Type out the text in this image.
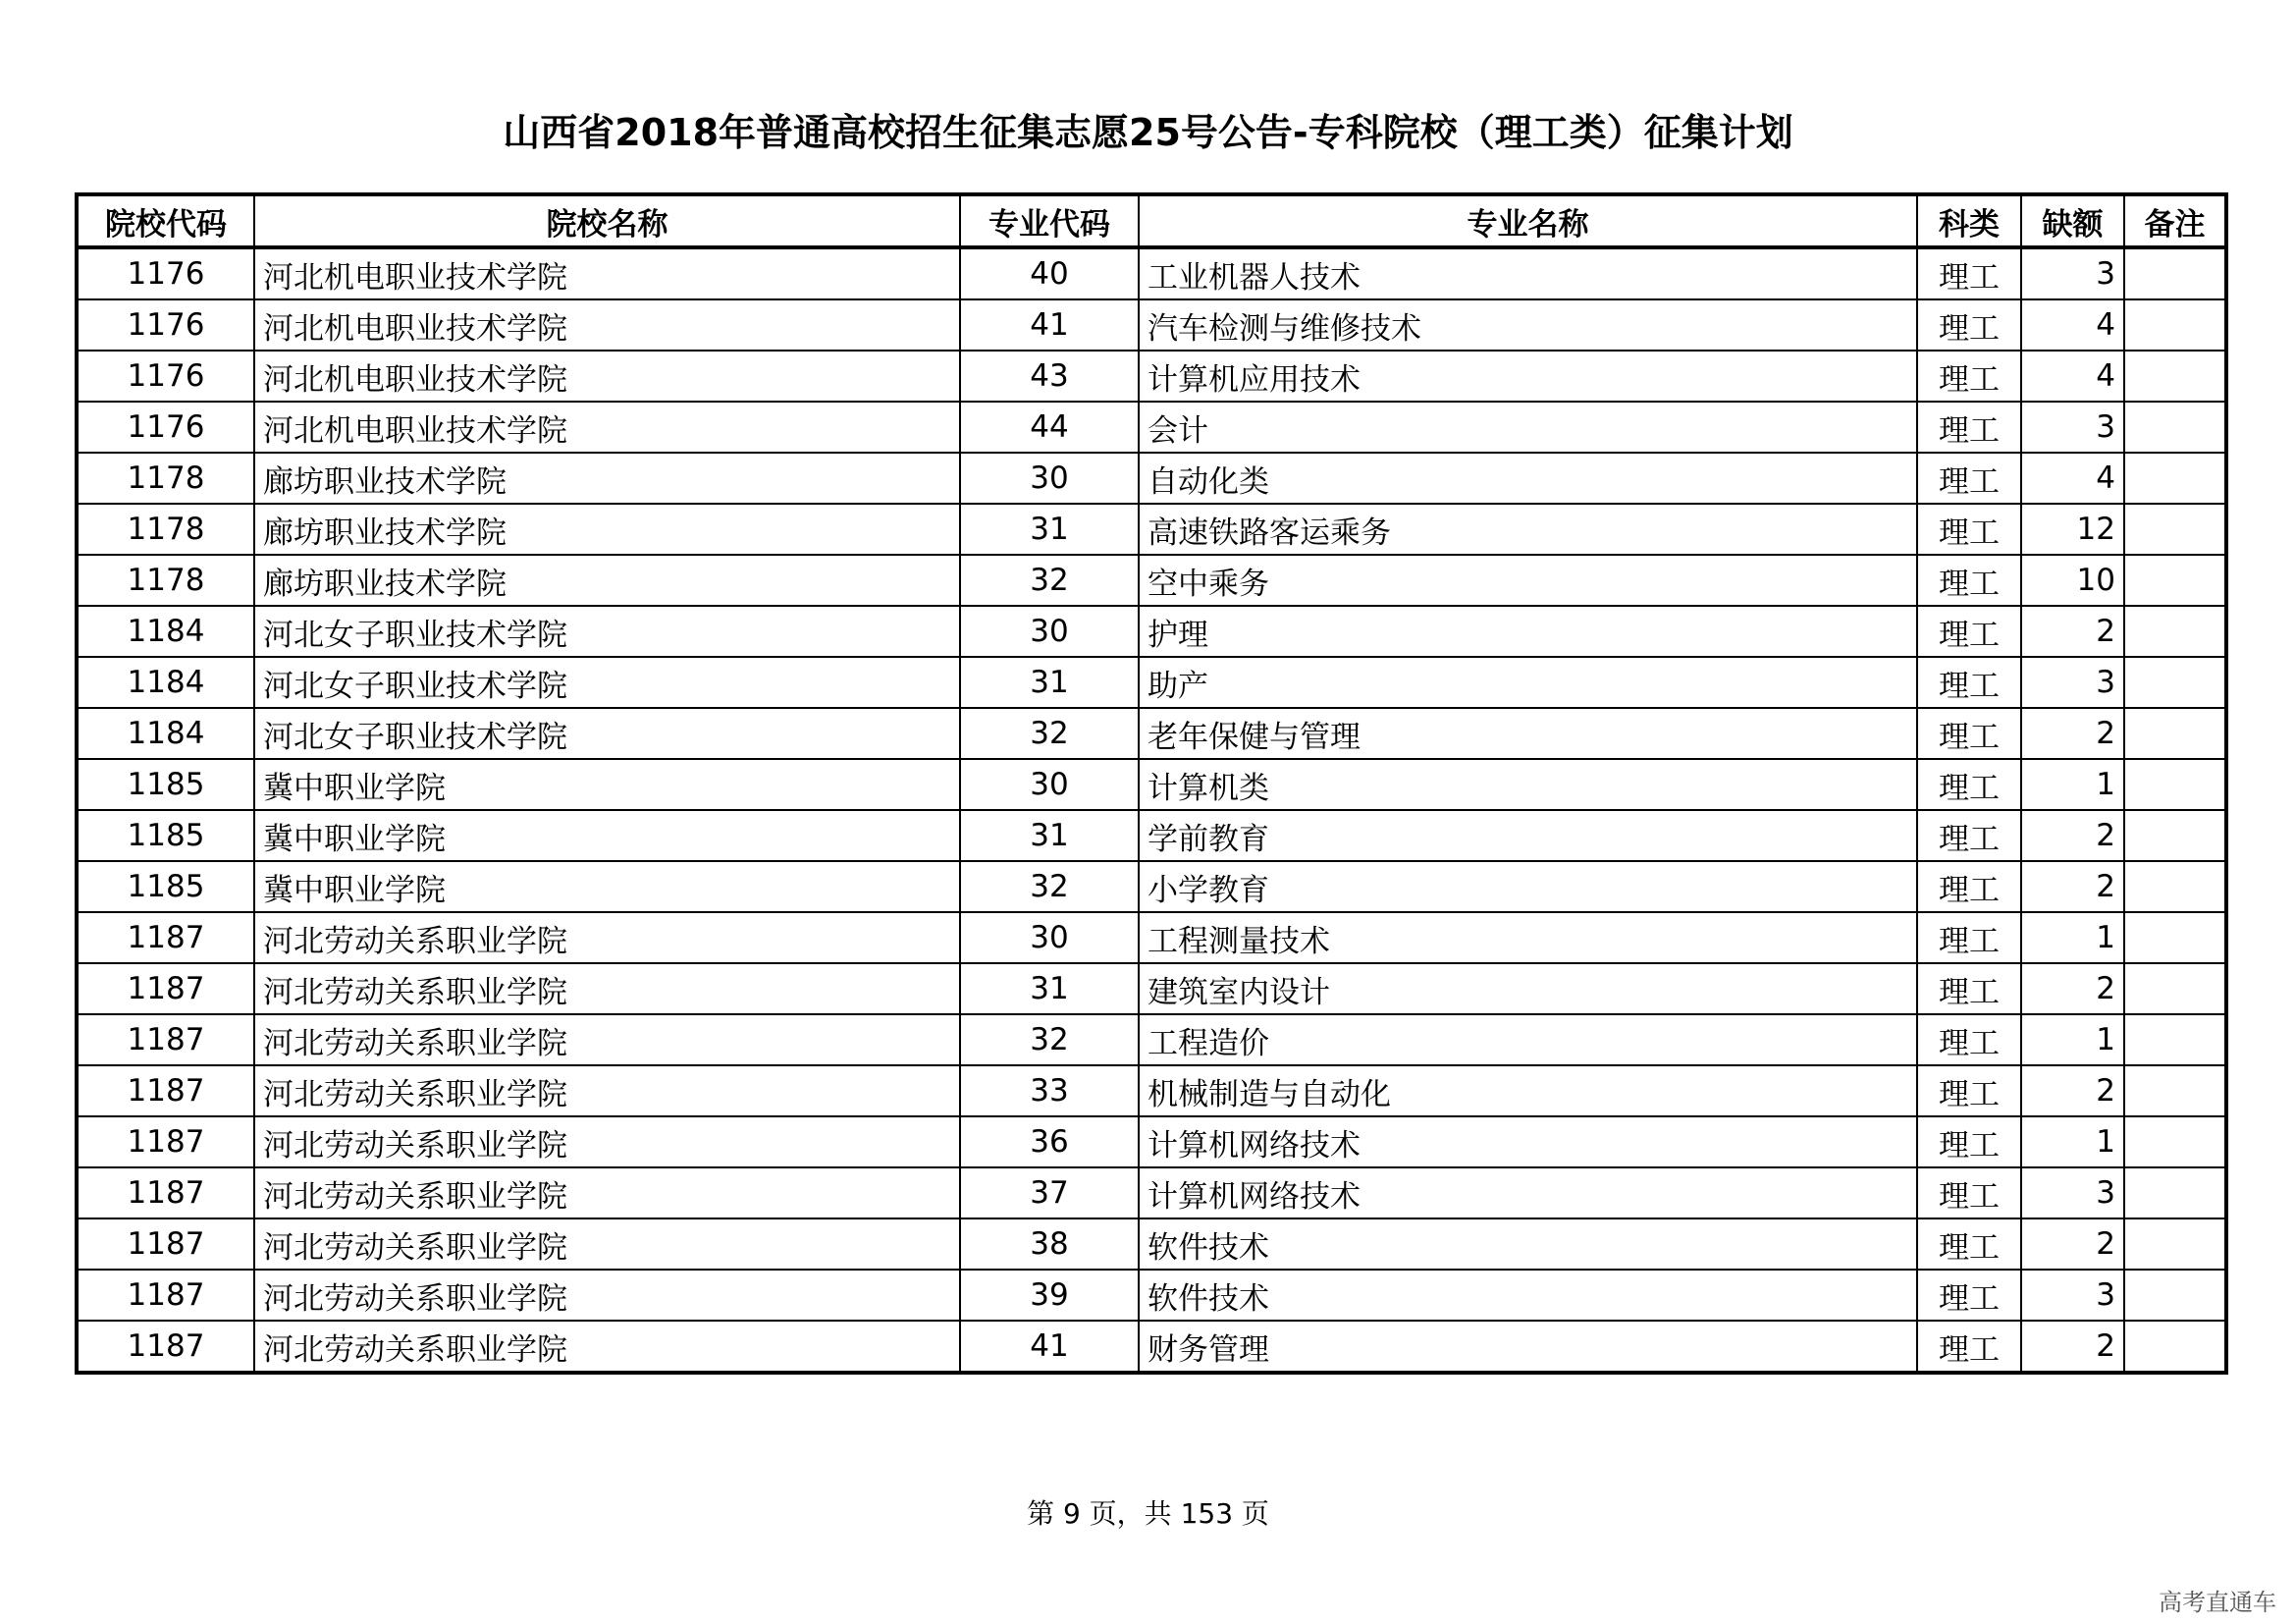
山西省2018年普通高校招生征集志愿25号公告-专科院校（理工类）征集计划
院校代码	院校名称	专业代码	专业名称	科类	缺额	备注
1176	河北机电职业技术学院	40	工业机器人技术	理工	3	
1176	河北机电职业技术学院	41	汽车检测与维修技术	理工	4	
1176	河北机电职业技术学院	43	计算机应用技术	理工	4	
1176	河北机电职业技术学院	44	会计	理工	3	
1178	廊坊职业技术学院	30	自动化类	理工	4	
1178	廊坊职业技术学院	31	高速铁路客运乘务	理工	12	
1178	廊坊职业技术学院	32	空中乘务	理工	10	
1184	河北女子职业技术学院	30	护理	理工	2	
1184	河北女子职业技术学院	31	助产	理工	3	
1184	河北女子职业技术学院	32	老年保健与管理	理工	2	
1185	冀中职业学院	30	计算机类	理工	1	
1185	冀中职业学院	31	学前教育	理工	2	
1185	冀中职业学院	32	小学教育	理工	2	
1187	河北劳动关系职业学院	30	工程测量技术	理工	1	
1187	河北劳动关系职业学院	31	建筑室内设计	理工	2	
1187	河北劳动关系职业学院	32	工程造价	理工	1	
1187	河北劳动关系职业学院	33	机械制造与自动化	理工	2	
1187	河北劳动关系职业学院	36	计算机网络技术	理工	1	
1187	河北劳动关系职业学院	37	计算机网络技术	理工	3	
1187	河北劳动关系职业学院	38	软件技术	理工	2	
1187	河北劳动关系职业学院	39	软件技术	理工	3	
1187	河北劳动关系职业学院	41	财务管理	理工	2	
第 9 页，共 153 页
高考直通车
